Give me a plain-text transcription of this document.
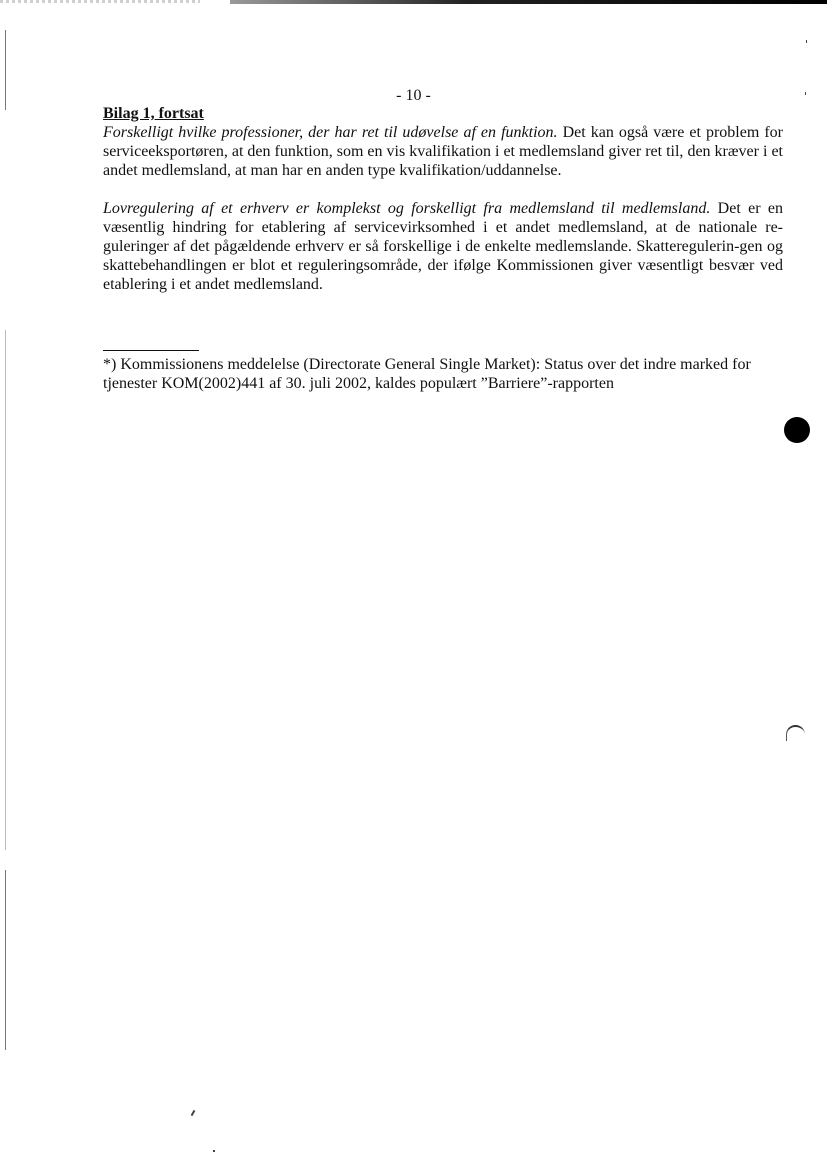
- 10 -

Bilag 1, fortsat

Forskelligt hvilke professioner, der har ret til udøvelse af en funktion. Det kan også være et problem for serviceeksportøren, at den funktion, som en vis kvalifikation i et medlemsland giver ret til, den kræver i et andet medlemsland, at man har en anden type kvalifikation/uddannelse.

Lovregulering af et erhverv er komplekst og forskelligt fra medlemsland til medlemsland. Det er en væsentlig hindring for etablering af servicevirksomhed i et andet medlemsland, at de nationale re-guleringer af det pågældende erhverv er så forskellige i de enkelte medlemslande. Skatteregulerin-gen og skattebehandlingen er blot et reguleringsområde, der ifølge Kommissionen giver væsentligt besvær ved etablering i et andet medlemsland.

*) Kommissionens meddelelse (Directorate General Single Market): Status over det indre marked for tjenester KOM(2002)441 af 30. juli 2002, kaldes populært ”Barriere”-rapporten
